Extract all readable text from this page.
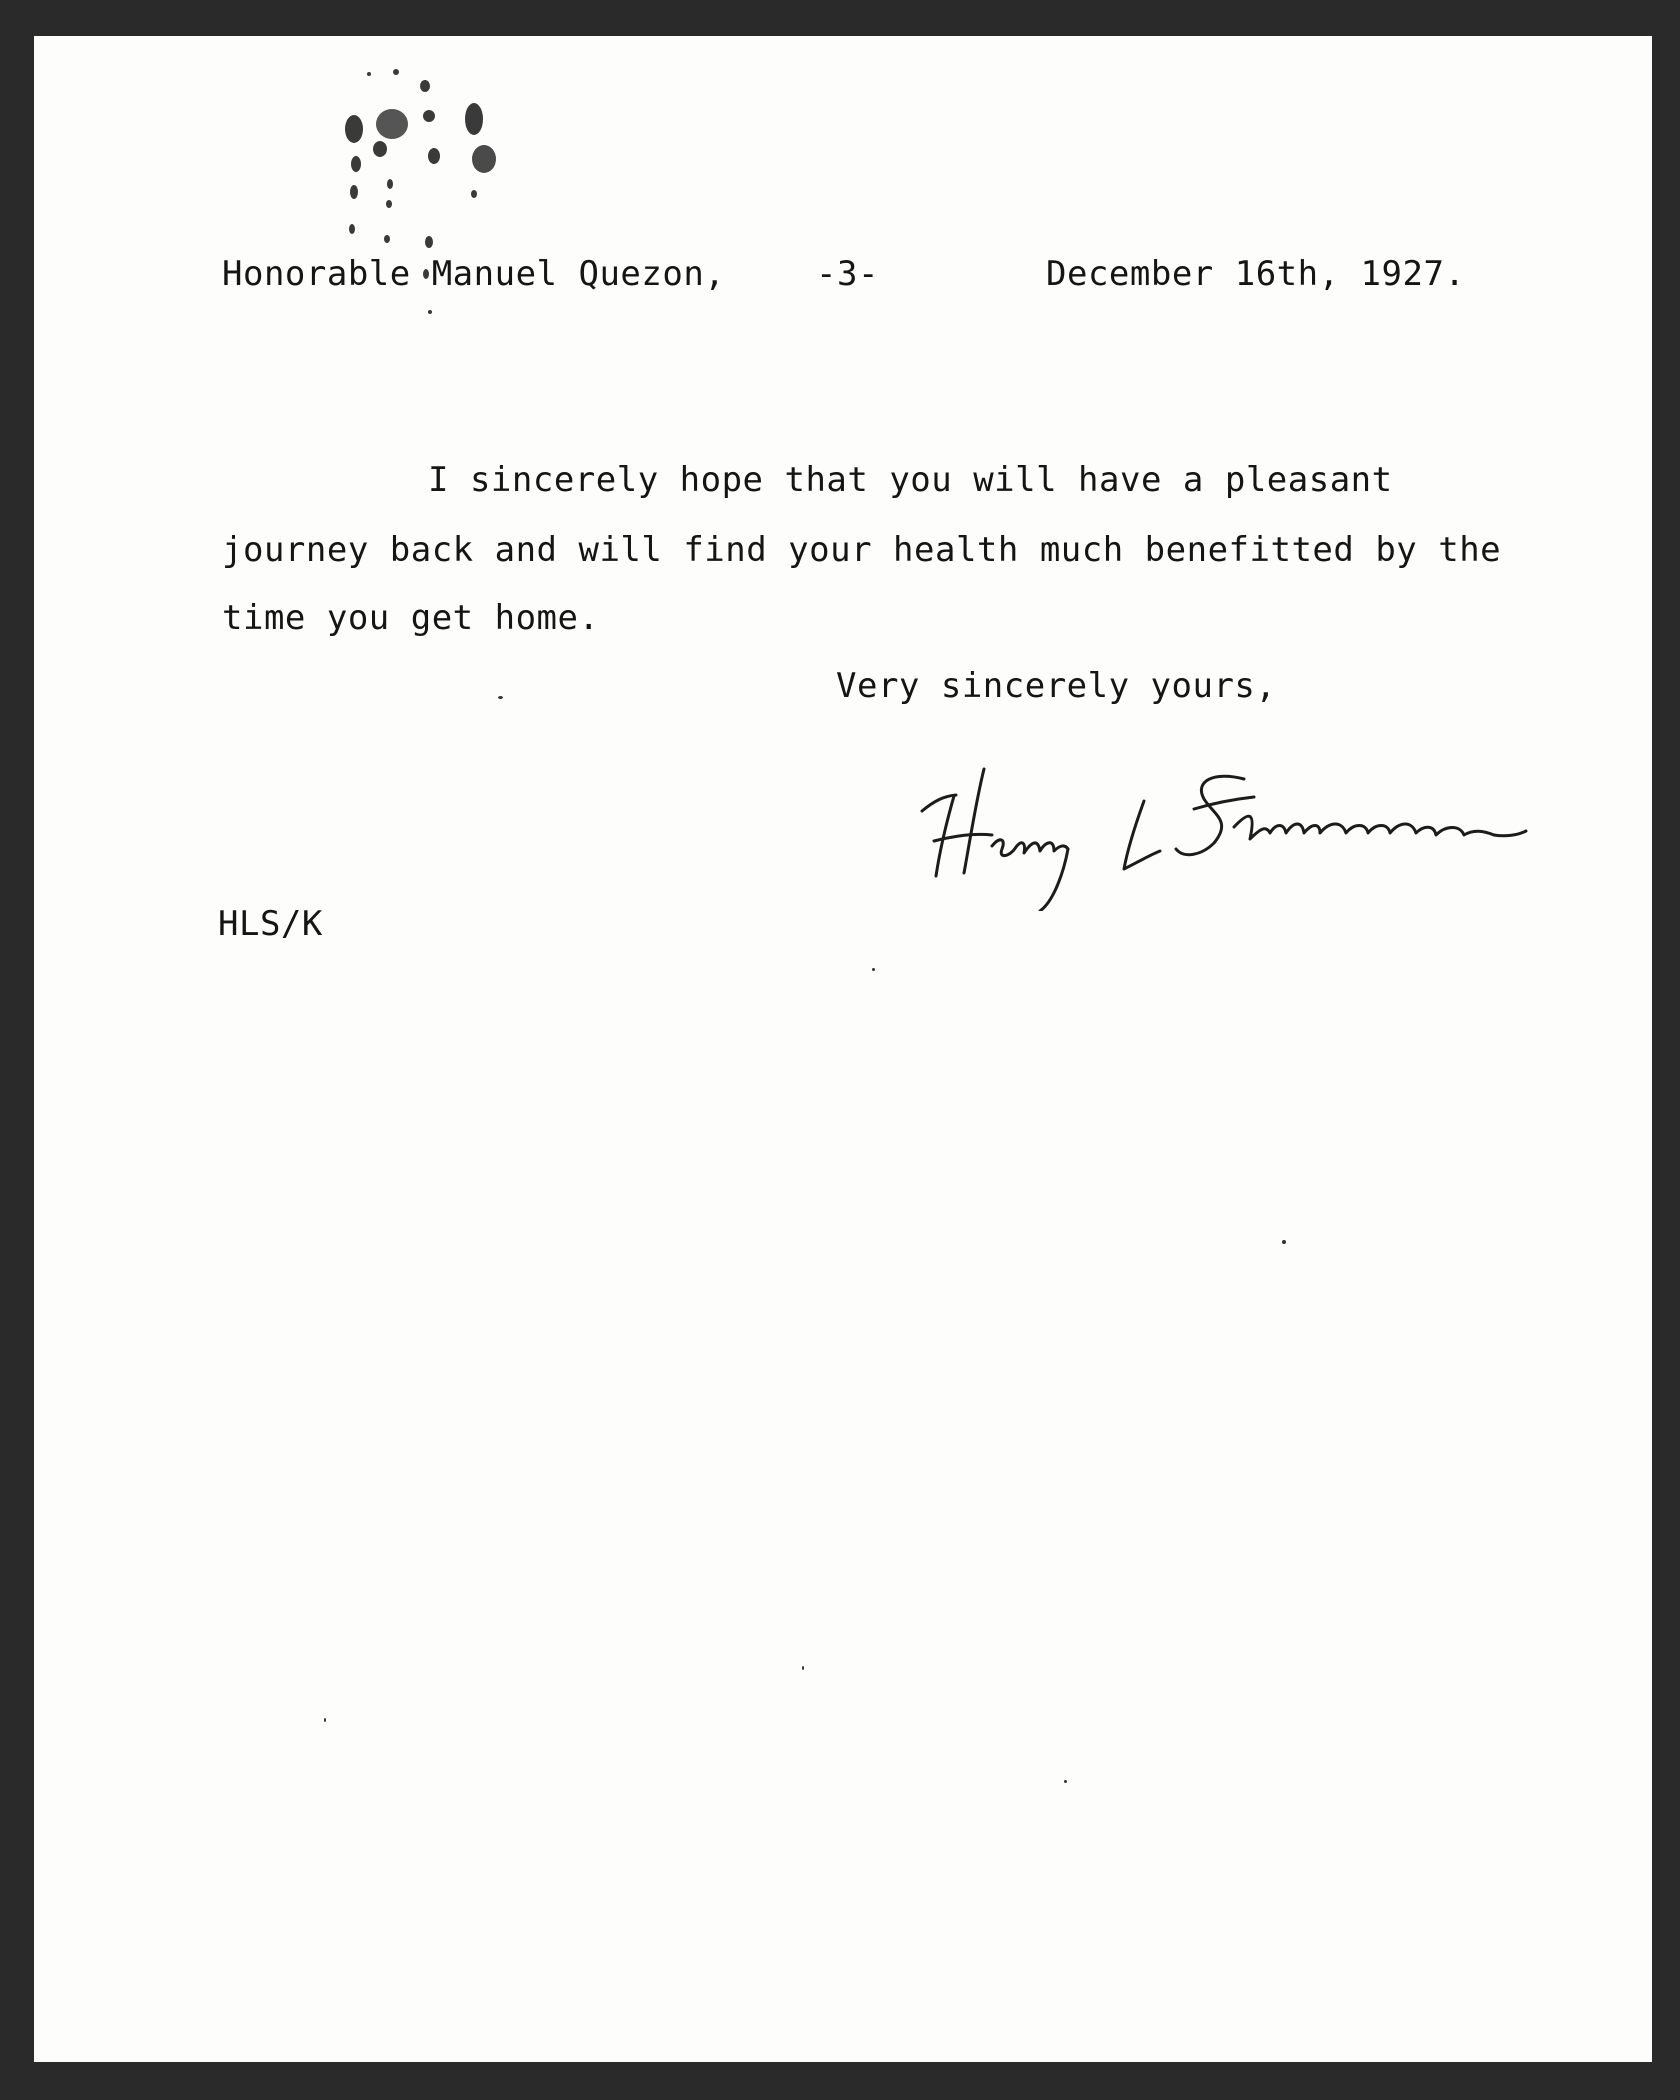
Honorable Manuel Quezon,	-3-	December 16th, 1927.
I sincerely hope that you will have a pleasant
journey back and will find your health much benefitted by the
time you get home.
Very sincerely yours,
HLS/K
